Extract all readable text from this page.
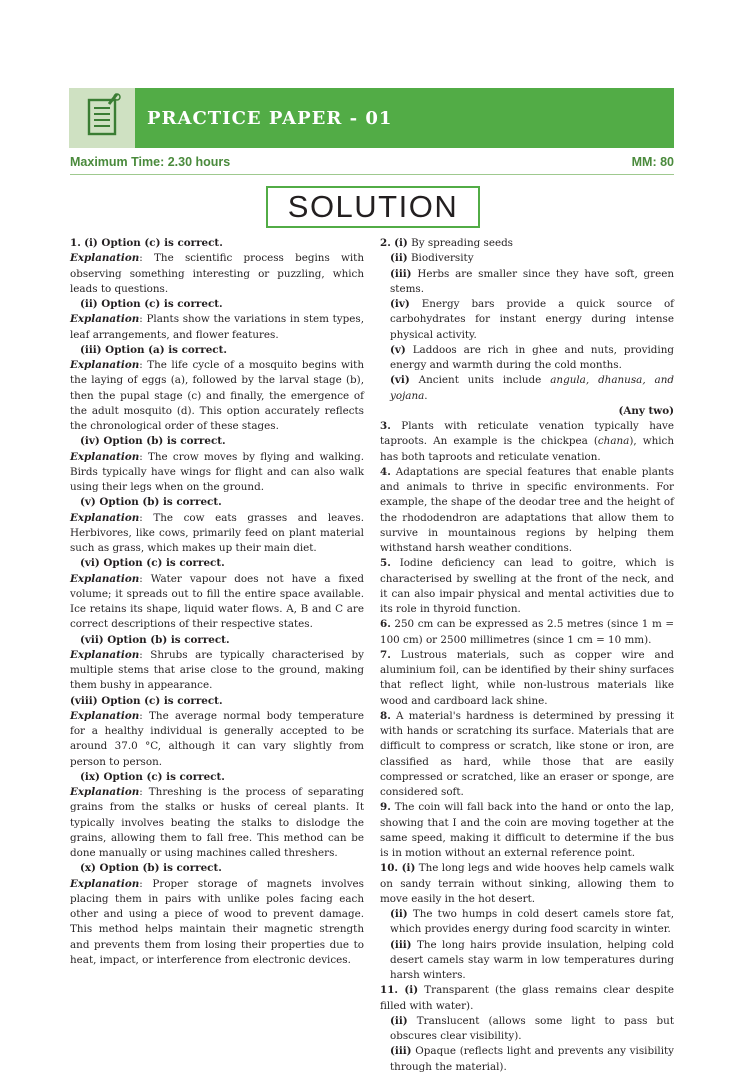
PRACTICE PAPER - 01
Maximum Time: 2.30 hours	MM: 80
SOLUTION

1. (i) Option (c) is correct.

Explanation: The scientific process begins with observing something interesting or puzzling, which leads to questions.

(ii) Option (c) is correct.

Explanation: Plants show the variations in stem types, leaf arrangements, and flower features.

(iii) Option (a) is correct.

Explanation: The life cycle of a mosquito begins with the laying of eggs (a), followed by the larval stage (b), then the pupal stage (c) and finally, the emergence of the adult mosquito (d). This option accurately reflects the chronological order of these stages.

(iv) Option (b) is correct.

Explanation: The crow moves by flying and walking. Birds typically have wings for flight and can also walk using their legs when on the ground.

(v) Option (b) is correct.

Explanation: The cow eats grasses and leaves. Herbivores, like cows, primarily feed on plant material such as grass, which makes up their main diet.

(vi) Option (c) is correct.

Explanation: Water vapour does not have a fixed volume; it spreads out to fill the entire space available. Ice retains its shape, liquid water flows. A, B and C are correct descriptions of their respective states.

(vii) Option (b) is correct.

Explanation: Shrubs are typically characterised by multiple stems that arise close to the ground, making them bushy in appearance.

(viii) Option (c) is correct.

Explanation: The average normal body temperature for a healthy individual is generally accepted to be around 37.0 °C, although it can vary slightly from person to person.

(ix) Option (c) is correct.

Explanation: Threshing is the process of separating grains from the stalks or husks of cereal plants. It typically involves beating the stalks to dislodge the grains, allowing them to fall free. This method can be done manually or using machines called threshers.

(x) Option (b) is correct.

Explanation: Proper storage of magnets involves placing them in pairs with unlike poles facing each other and using a piece of wood to prevent damage. This method helps maintain their magnetic strength and prevents them from losing their properties due to heat, impact, or interference from electronic devices.

2. (i) By spreading seeds

(ii) Biodiversity

(iii) Herbs are smaller since they have soft, green stems.

(iv) Energy bars provide a quick source of carbohydrates for instant energy during intense physical activity.

(v) Laddoos are rich in ghee and nuts, providing energy and warmth during the cold months.

(vi) Ancient units include angula, dhanusa, and yojana.

(Any two)

3. Plants with reticulate venation typically have taproots. An example is the chickpea (chana), which has both taproots and reticulate venation.

4. Adaptations are special features that enable plants and animals to thrive in specific environments. For example, the shape of the deodar tree and the height of the rhododendron are adaptations that allow them to survive in mountainous regions by helping them withstand harsh weather conditions.

5. Iodine deficiency can lead to goitre, which is characterised by swelling at the front of the neck, and it can also impair physical and mental activities due to its role in thyroid function.

6. 250 cm can be expressed as 2.5 metres (since 1 m = 100 cm) or 2500 millimetres (since 1 cm = 10 mm).

7. Lustrous materials, such as copper wire and aluminium foil, can be identified by their shiny surfaces that reflect light, while non-lustrous materials like wood and cardboard lack shine.

8. A material's hardness is determined by pressing it with hands or scratching its surface. Materials that are difficult to compress or scratch, like stone or iron, are classified as hard, while those that are easily compressed or scratched, like an eraser or sponge, are considered soft.

9. The coin will fall back into the hand or onto the lap, showing that I and the coin are moving together at the same speed, making it difficult to determine if the bus is in motion without an external reference point.

10. (i) The long legs and wide hooves help camels walk on sandy terrain without sinking, allowing them to move easily in the hot desert.

(ii) The two humps in cold desert camels store fat, which provides energy during food scarcity in winter.

(iii) The long hairs provide insulation, helping cold desert camels stay warm in low temperatures during harsh winters.

11. (i) Transparent (the glass remains clear despite filled with water).

(ii) Translucent (allows some light to pass but obscures clear visibility).

(iii) Opaque (reflects light and prevents any visibility through the material).
